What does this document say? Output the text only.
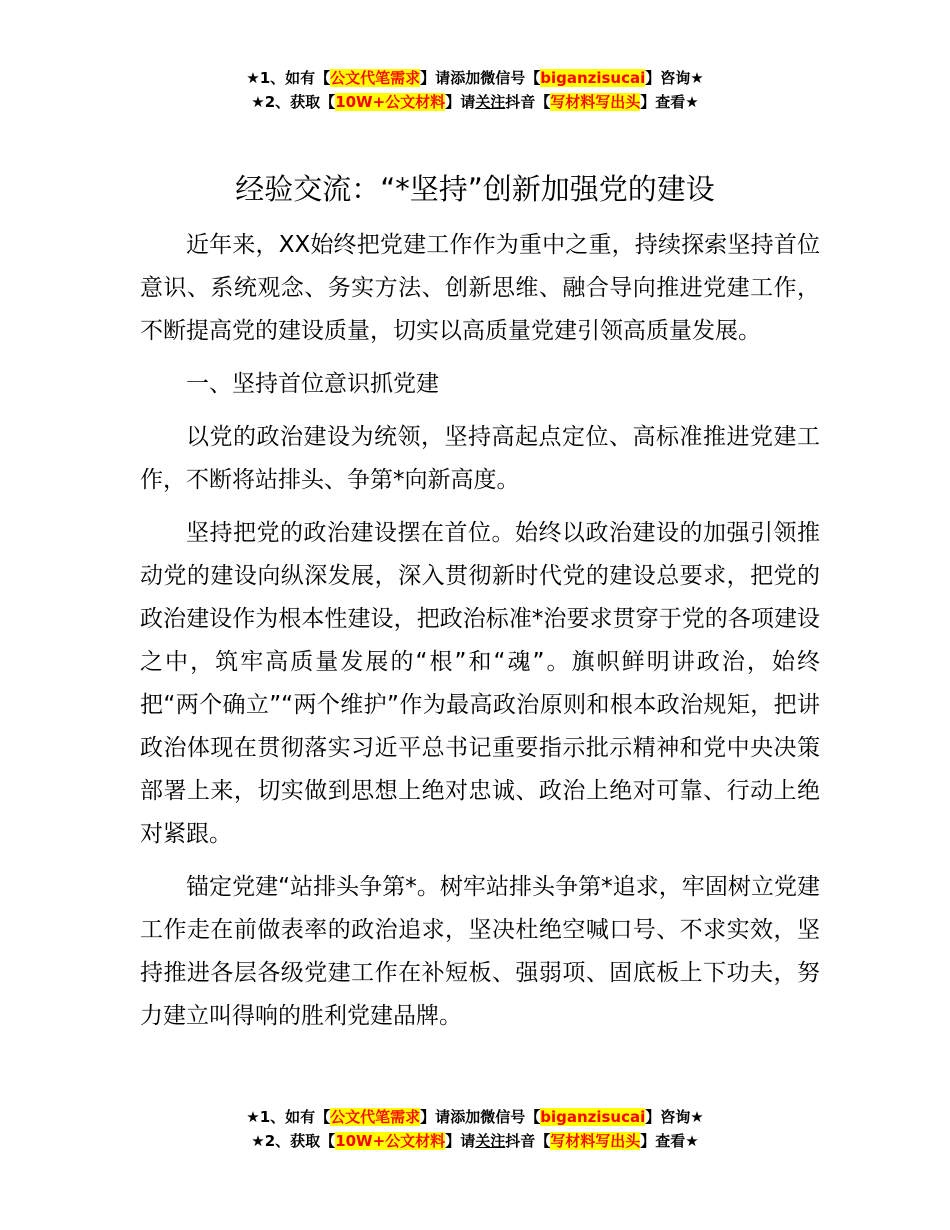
★1、如有【公文代笔需求】请添加微信号【biganzisucai】咨询★
★2、获取【10W+公文材料】请关注抖音【写材料写出头】查看★
经验交流：“*坚持”创新加强党的建设

近年来，XX始终把党建工作作为重中之重，持续探索坚持首位意识、系统观念、务实方法、创新思维、融合导向推进党建工作，不断提高党的建设质量，切实以高质量党建引领高质量发展。

一、坚持首位意识抓党建

以党的政治建设为统领，坚持高起点定位、高标准推进党建工作，不断将站排头、争第*向新高度。

坚持把党的政治建设摆在首位。始终以政治建设的加强引领推动党的建设向纵深发展，深入贯彻新时代党的建设总要求，把党的政治建设作为根本性建设，把政治标准*治要求贯穿于党的各项建设之中，筑牢高质量发展的“根”和“魂”。旗帜鲜明讲政治，始终把“两个确立”“两个维护”作为最高政治原则和根本政治规矩，把讲政治体现在贯彻落实习近平总书记重要指示批示精神和党中央决策部署上来，切实做到思想上绝对忠诚、政治上绝对可靠、行动上绝对紧跟。

锚定党建“站排头争第*。树牢站排头争第*追求，牢固树立党建工作走在前做表率的政治追求，坚决杜绝空喊口号、不求实效，坚持推进各层各级党建工作在补短板、强弱项、固底板上下功夫，努力建立叫得响的胜利党建品牌。

★1、如有【公文代笔需求】请添加微信号【biganzisucai】咨询★
★2、获取【10W+公文材料】请关注抖音【写材料写出头】查看★
